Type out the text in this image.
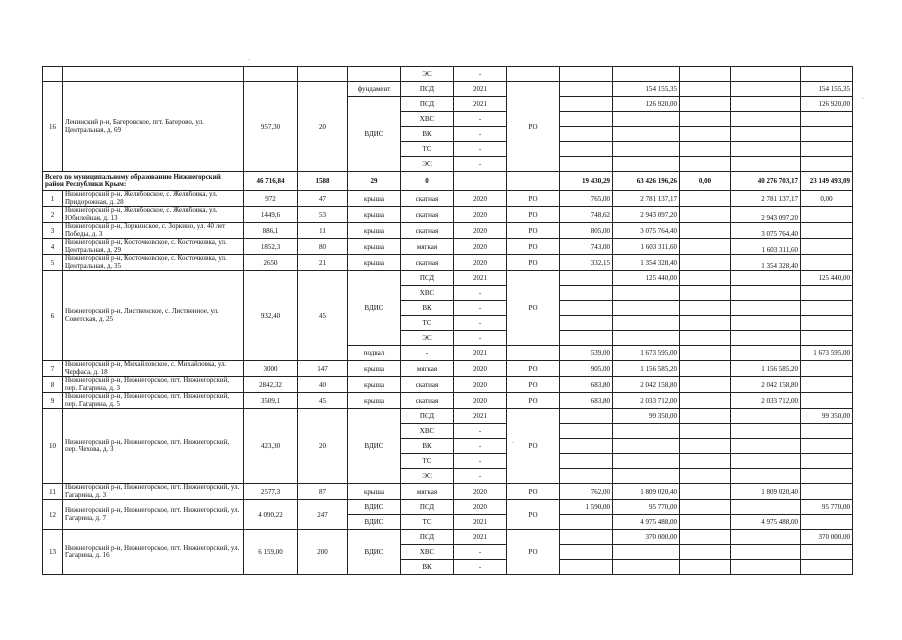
					ЭС	-						
16	Ленинский р-н, Багеровское, пгт. Багерово, ул. Центральная, д. 69	957,30	20	фундамент	ПСД	2021	РО		154 155,35			154 155,35
				ВДИС	ПСД	2021			126 920,00			126 920,00
					ХВС	-						
					ВК	-						
					ТС	-						
					ЭС	-						
Всего по муниципальному образованию Нижнегорский район Республики Крым:		46 716,84	1588	29	0			19 430,29	63 426 196,26	0,00	40 276 703,17	23 149 493,09
1	Нижнегорский р-н, Желябовское, с. Желябовка, ул. Придорожная, д. 28	972	47	крыша	скатная	2020	РО	765,00	2 781 137,17		2 781 137,17	0,00
2	Нижнегорский р-н, Желябовское, с. Желябовка, ул. Юбилейная, д. 13	1449,6	53	крыша	скатная	2020	РО	748,62	2 943 097,20		2 943 097,20	
3	Нижнегорский р-н, Зоркинское, с. Зоркино, ул. 40 лет Победы, д. 3	886,1	11	крыша	скатная	2020	РО	805,00	3 075 764,40		3 075 764,40	
4	Нижнегорский р-н, Косточковское, с. Косточковка, ул. Центральная, д. 29	1852,3	80	крыша	мягкая	2020	РО	743,00	1 603 311,60		1 603 311,60	
5	Нижнегорский р-н, Косточковское, с. Косточковка, ул. Центральная, д. 35	2650	21	крыша	скатная	2020	РО	332,15	1 354 328,40		1 354 328,40	
6	Нижнегорский р-н, Лиственское, с. Лиственное, ул. Советская, д. 25	932,40	45	ВДИС	ПСД	2021	РО		125 440,00			125 440,00
					ХВС	-						
					ВК	-						
					ТС	-						
					ЭС	-						
				подвал	-	2021		539,00	1 673 595,00			1 673 595,00
7	Нижнегорский р-н, Михайловское, с. Михайловка, ул. Черфаса, д. 18	3000	147	крыша	мягкая	2020	РО	905,00	1 156 585,20		1 156 585,20	
8	Нижнегорский р-н, Нижнегорское, пгт. Нижнегорский, пер. Гагарина, д. 3	2842,32	40	крыша	скатная	2020	РО	683,80	2 042 158,80		2 042 158,80	
9	Нижнегорский р-н, Нижнегорское, пгт. Нижнегорский, пер. Гагарина, д. 5	3509,1	45	крыша	скатная	2020	РО	683,80	2 033 712,00		2 033 712,00	
10	Нижнегорский р-н, Нижнегорское, пгт. Нижнегорский, пер. Чехова, д. 3	423,30	20	ВДИС	ПСД	2021	РО		99 350,00			99 350,00
					ХВС	-						
					ВК	-						
					ТС	-						
					ЭС	-						
11	Нижнегорский р-н, Нижнегорское, пгт. Нижнегорский, ул. Гагарина, д. 3	2577,3	87	крыша	мягкая	2020	РО	762,00	1 809 020,40		1 809 020,40	
12	Нижнегорский р-н, Нижнегорское, пгт. Нижнегорский, ул. Гагарина, д. 7	4 090,22	247	ВДИС	ПСД	2020	РО	1 590,00	95 770,00			95 770,00
				ВДИС	ТС	2021			4 975 488,00		4 975 488,00	
13	Нижнегорский р-н, Нижнегорское, пгт. Нижнегорский, ул. Гагарина, д. 16	6 159,00	200	ВДИС	ПСД	2021	РО		370 000,00			370 000,00
					ХВС	-						
					ВК	-						
·
·
·
